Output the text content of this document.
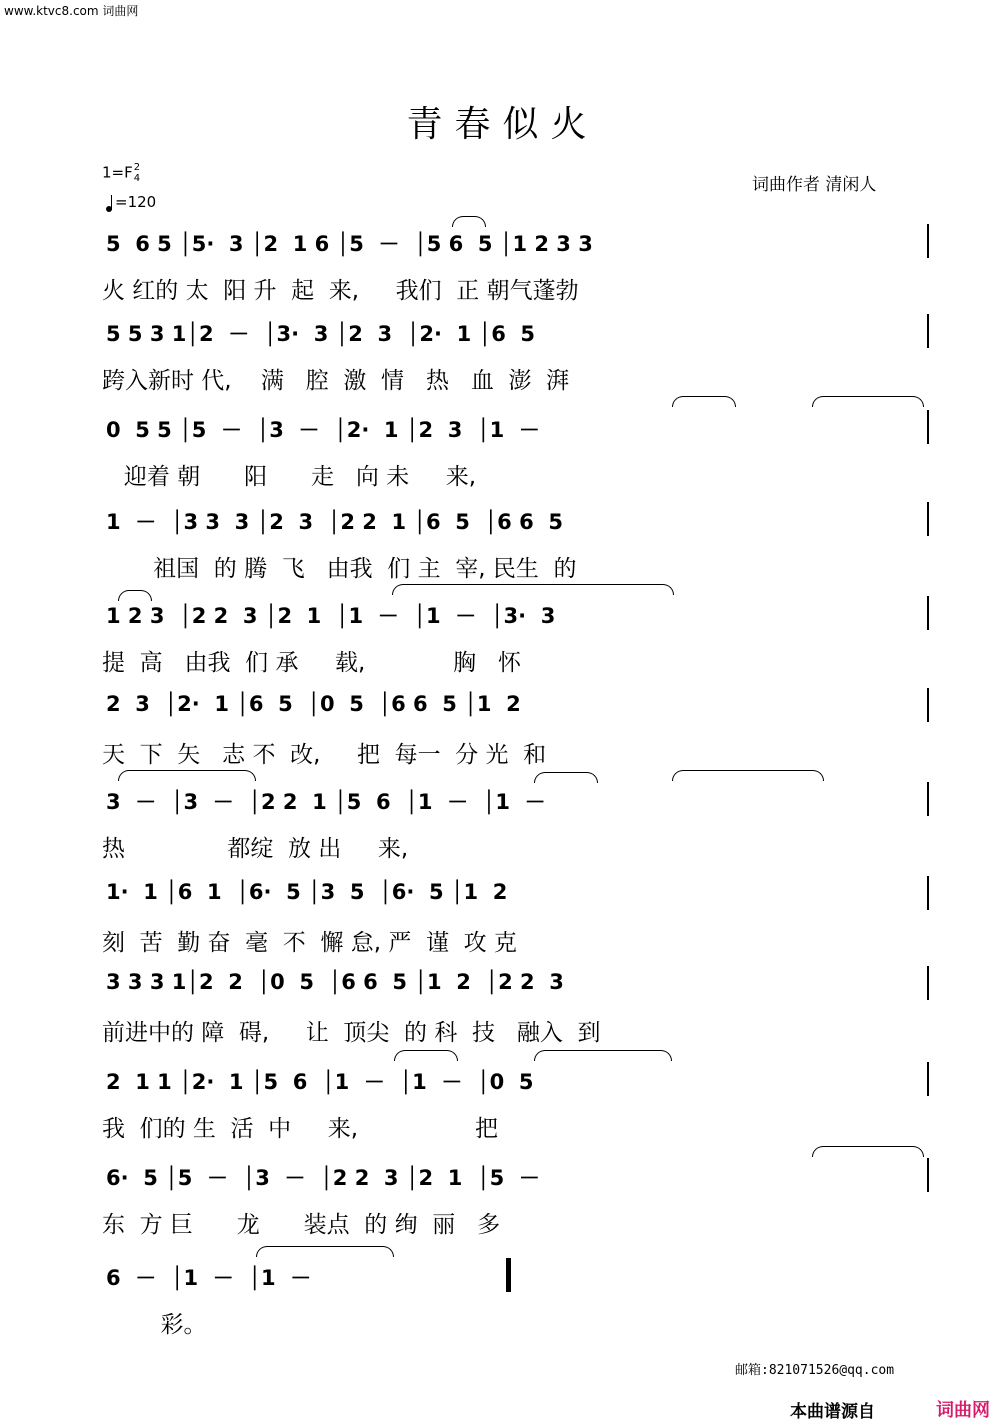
www.ktvc8.com 词曲网
青春似火
1=F 2
4
=120
词曲作者 清闲人
5  6 5 │5·  3 │2  1 6 │5  －  │5 6  5 │1 2 3 3
火 红的 太  阳 升  起  来,     我们  正 朝气蓬勃
5 5 3 1│2  －  │3·  3 │2  3  │2·  1 │6  5
跨入新时 代,    满   腔  激  情   热   血  澎  湃
0  5 5 │5  －  │3  －  │2·  1 │2  3  │1  －
迎着 朝      阳      走   向 未     来,
1  －  │3 3  3 │2  3  │2 2  1 │6  5  │6 6  5
祖国  的 腾  飞   由我  们 主  宰, 民生  的
1 2 3  │2 2  3 │2  1  │1  －  │1  －  │3·  3
提  高   由我  们 承     载,            胸   怀
2  3  │2·  1 │6  5  │0  5  │6 6  5 │1  2
天  下  矢   志 不  改,     把  每一  分 光  和
3  －  │3  －  │2 2  1 │5  6  │1  －  │1  －
热              都绽  放 出     来,
1·  1 │6  1  │6·  5 │3  5  │6·  5 │1  2
刻  苦  勤 奋  毫  不  懈 怠, 严  谨  攻 克
3 3 3 1│2  2  │0  5  │6 6  5 │1  2  │2 2  3
前进中的 障  碍,     让  顶尖  的 科  技   融入  到
2  1 1 │2·  1 │5  6  │1  －  │1  －  │0  5
我  们的 生  活  中     来,                把
6·  5 │5  －  │3  －  │2 2  3 │2  1  │5  －
东  方 巨      龙      装点  的 绚  丽   多
6  －  │1  －  │1  －
彩。
邮箱:821071526@qq.com
本曲谱源自	词曲网
